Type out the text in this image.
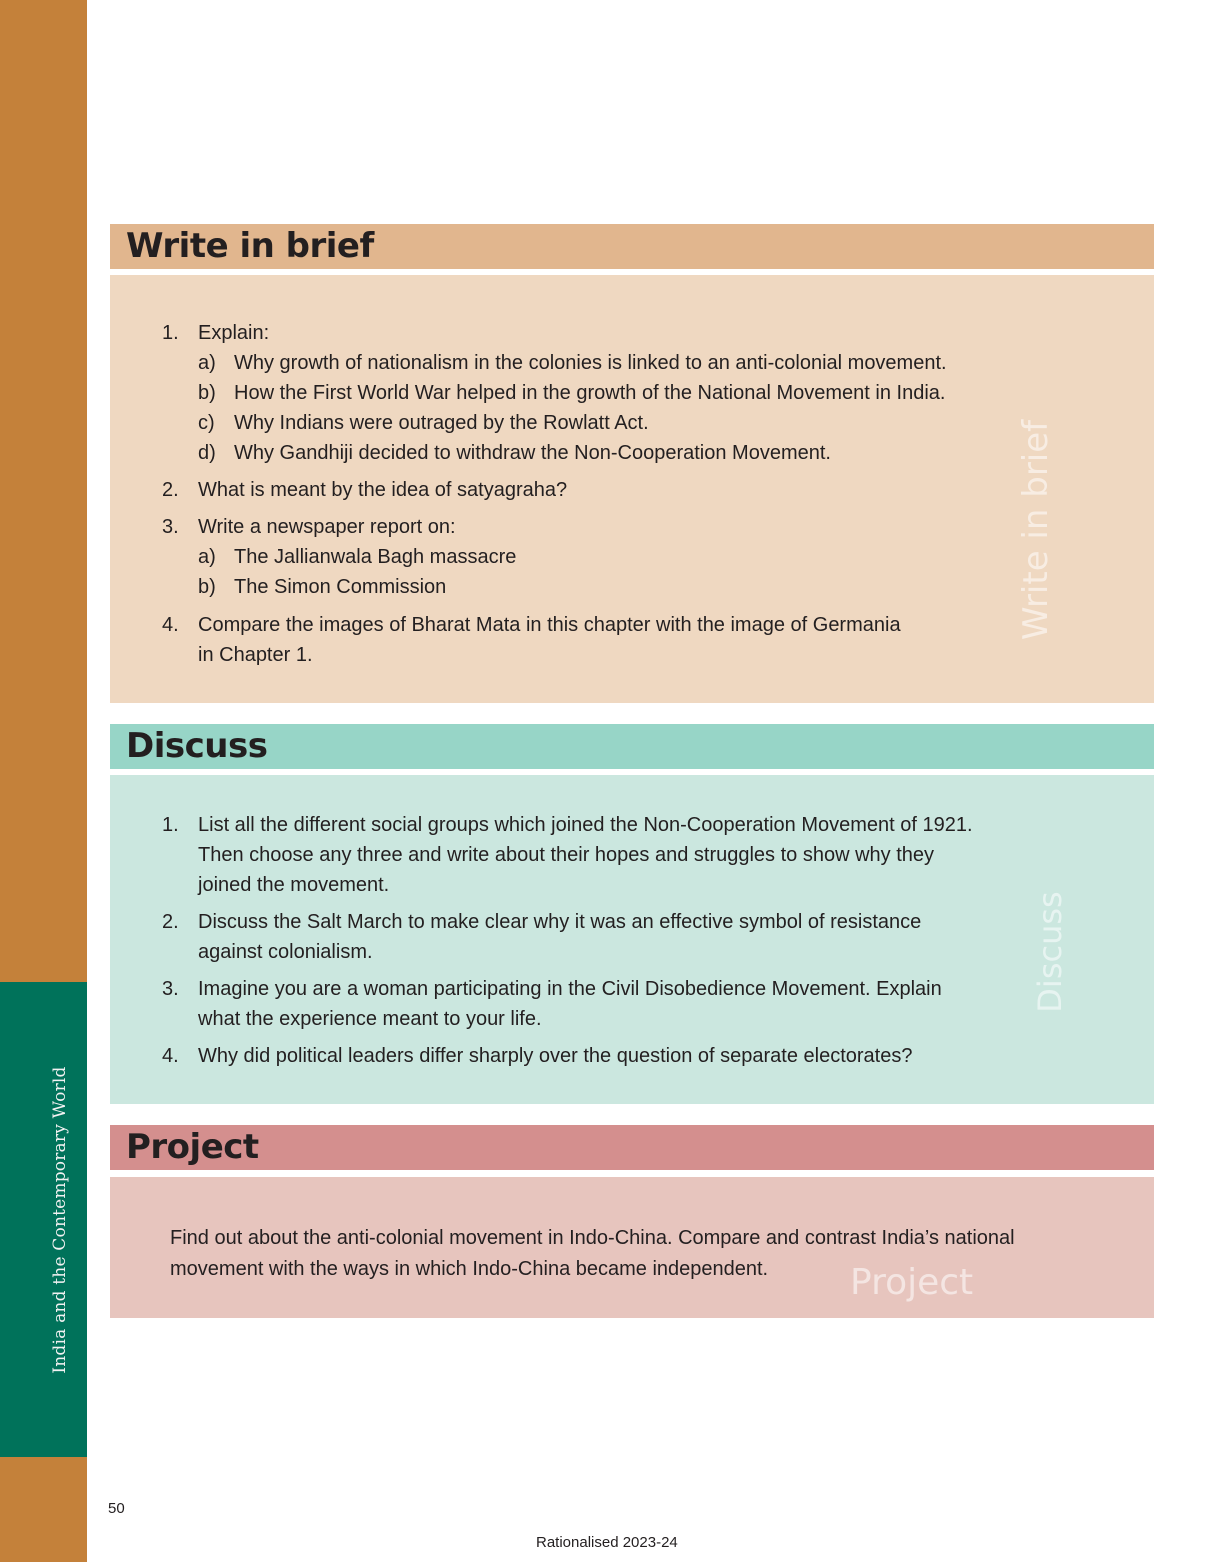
India and the Contemporary World
Write in brief
1. Explain:
a) Why growth of nationalism in the colonies is linked to an anti-colonial movement.
b) How the First World War helped in the growth of the National Movement in India.
c) Why Indians were outraged by the Rowlatt Act.
d) Why Gandhiji decided to withdraw the Non-Cooperation Movement.
2. What is meant by the idea of satyagraha?
3. Write a newspaper report on:
a) The Jallianwala Bagh massacre
b) The Simon Commission
4. Compare the images of Bharat Mata in this chapter with the image of Germania
in Chapter 1.
Write in brief
Discuss
1. List all the different social groups which joined the Non-Cooperation Movement of 1921.
Then choose any three and write about their hopes and struggles to show why they
joined the movement.
2. Discuss the Salt March to make clear why it was an effective symbol of resistance
against colonialism.
3. Imagine you are a woman participating in the Civil Disobedience Movement. Explain
what the experience meant to your life.
4. Why did political leaders differ sharply over the question of separate electorates?
Discuss
Project
Find out about the anti-colonial movement in Indo-China. Compare and contrast India’s national
movement with the ways in which Indo-China became independent.	Project
50
Rationalised 2023-24
